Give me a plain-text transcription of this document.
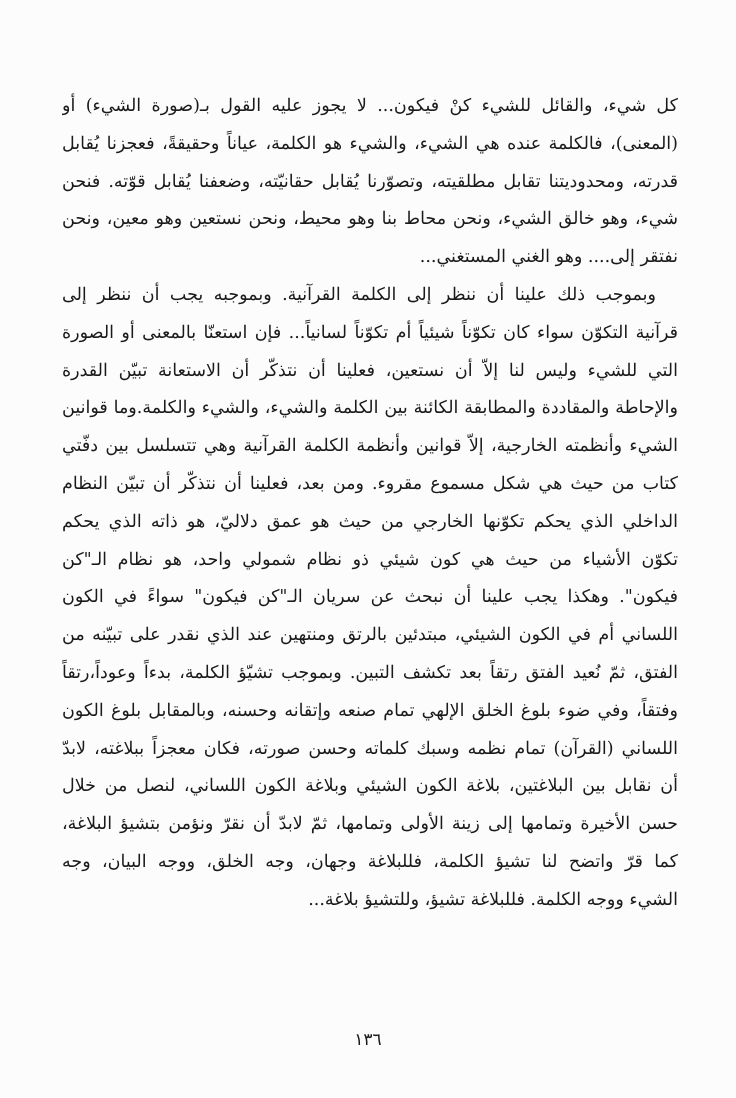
كل شيء، والقائل للشيء كنْ فيكون... لا يجوز عليه القول بـ(صورة الشيء) أو
(المعنى)، فالكلمة عنده هي الشيء، والشيء هو الكلمة، عياناً وحقيقةً، فعجزنا يُقابل
قدرته، ومحدوديتنا تقابل مطلقيته، وتصوّرنا يُقابل حقانيّته، وضعفنا يُقابل قوّته. فنحن
شيء، وهو خالق الشيء، ونحن محاط بنا وهو محيط، ونحن نستعين وهو معين، ونحن
نفتقر إلى.... وهو الغني المستغني...

وبموجب ذلك علينا أن ننظر إلى الكلمة القرآنية. وبموجبه يجب أن ننظر إلى
قرآنية التكوّن سواء كان تكوّناً شيئياً أم تكوّناً لسانياً... فإن استعنّا بالمعنى أو الصورة
التي للشيء وليس لنا إلاّ أن نستعين، فعلينا أن نتذكّر أن الاستعانة تبيّن القدرة
والإحاطة والمقاددة والمطابقة الكائنة بين الكلمة والشيء، والشيء والكلمة.وما قوانين
الشيء وأنظمته الخارجية، إلاّ قوانين وأنظمة الكلمة القرآنية وهي تتسلسل بين دفّتي
كتاب من حيث هي شكل مسموع مقروء. ومن بعد، فعلينا أن نتذكّر أن تبيّن النظام
الداخلي الذي يحكم تكوّنها الخارجي من حيث هو عمق دلاليّ، هو ذاته الذي يحكم
تكوّن الأشياء من حيث هي كون شيئي ذو نظام شمولي واحد، هو نظام الـ"كن
فيكون". وهكذا يجب علينا أن نبحث عن سريان الـ"كن فيكون" سواءً في الكون
اللساني أم في الكون الشيئي، مبتدئين بالرتق ومنتهين عند الذي نقدر على تبيّنه من
الفتق، ثمّ نُعيد الفتق رتقاً بعد تكشف التبين. وبموجب تشيّؤ الكلمة، بدءاً وعوداً،رتقاً
وفتقاً، وفي ضوء بلوغ الخلق الإلهي تمام صنعه وإتقانه وحسنه، وبالمقابل بلوغ الكون
اللساني (القرآن) تمام نظمه وسبك كلماته وحسن صورته، فكان معجزاً ببلاغته، لابدّ
أن نقابل بين البلاغتين، بلاغة الكون الشيئي وبلاغة الكون اللساني، لنصل من خلال
حسن الأخيرة وتمامها إلى زينة الأولى وتمامها، ثمّ لابدّ أن نقرّ ونؤمن بتشيؤ البلاغة،
كما قرّ واتضح لنا تشيؤ الكلمة، فللبلاغة وجهان، وجه الخلق، ووجه البيان، وجه
الشيء ووجه الكلمة. فللبلاغة تشيؤ، وللتشيؤ بلاغة...

١٣٦
